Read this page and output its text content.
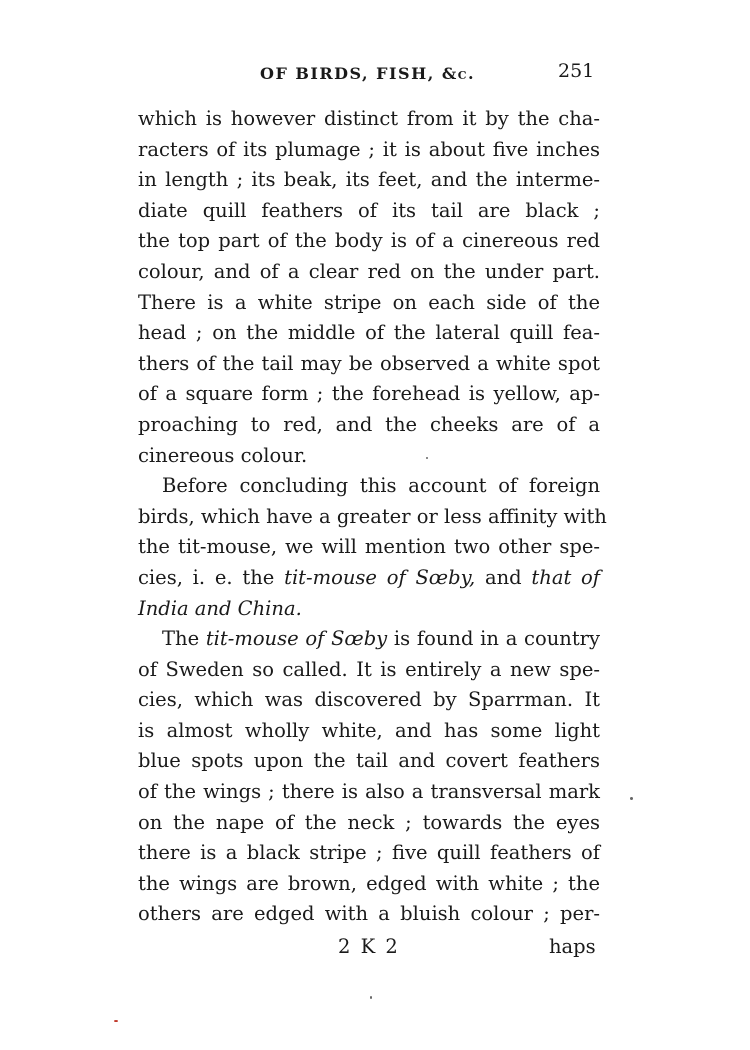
OF BIRDS, FISH, &c.	251
which is however distinct from it by the cha-
racters of its plumage ; it is about five inches
in length ; its beak, its feet, and the interme-
diate quill feathers of its tail are black ;
the top part of the body is of a cinereous red
colour, and of a clear red on the under part.
There is a white stripe on each side of the
head ; on the middle of the lateral quill fea-
thers of the tail may be observed a white spot
of a square form ; the forehead is yellow, ap-
proaching to red, and the cheeks are of a
cinereous colour.
Before concluding this account of foreign
birds, which have a greater or less affinity with
the tit-mouse, we will mention two other spe-
cies, i. e. the tit-mouse of Sœby, and that of
India and China.
The tit-mouse of Sœby is found in a country
of Sweden so called. It is entirely a new spe-
cies, which was discovered by Sparrman. It
is almost wholly white, and has some light
blue spots upon the tail and covert feathers
of the wings ; there is also a transversal mark
on the nape of the neck ; towards the eyes
there is a black stripe ; five quill feathers of
the wings are brown, edged with white ; the
others are edged with a bluish colour ; per-
2 K 2	haps
